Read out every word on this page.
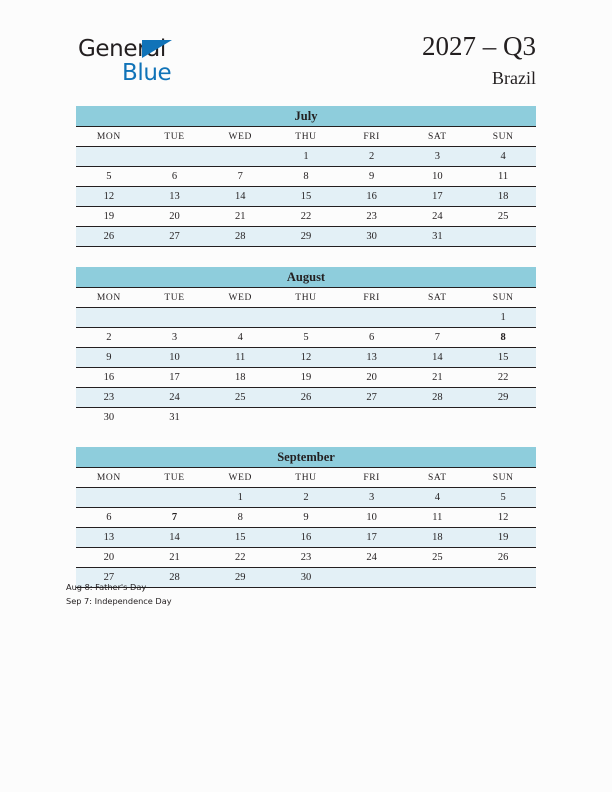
General
Blue
2027 – Q3
Brazil
July
MON	TUE	WED	THU	FRI	SAT	SUN
			1	2	3	4
5	6	7	8	9	10	11
12	13	14	15	16	17	18
19	20	21	22	23	24	25
26	27	28	29	30	31	
August
MON	TUE	WED	THU	FRI	SAT	SUN
						1
2	3	4	5	6	7	8
9	10	11	12	13	14	15
16	17	18	19	20	21	22
23	24	25	26	27	28	29
30	31					
September
MON	TUE	WED	THU	FRI	SAT	SUN
		1	2	3	4	5
6	7	8	9	10	11	12
13	14	15	16	17	18	19
20	21	22	23	24	25	26
27	28	29	30			
Aug 8: Father's Day
Sep 7: Independence Day
